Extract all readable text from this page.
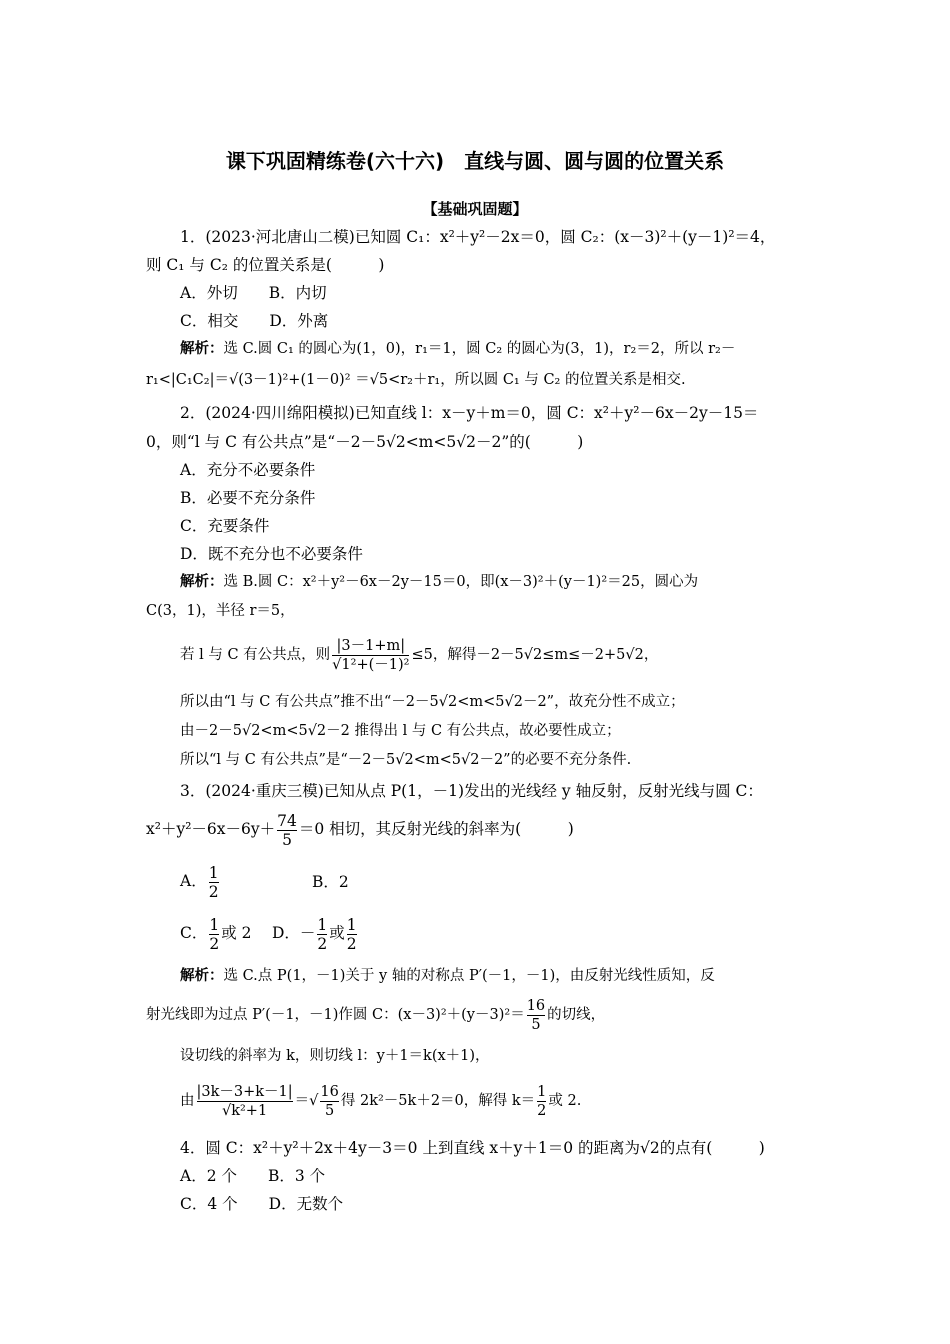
课下巩固精练卷(六十六)　直线与圆、圆与圆的位置关系
【基础巩固题】
1．(2023·河北唐山二模)已知圆 C₁：x²＋y²－2x＝0，圆 C₂：(x－3)²＋(y－1)²＝4，
则 C₁ 与 C₂ 的位置关系是(　　　)
A．外切　　B．内切
C．相交　　D．外离
解析：选 C.圆 C₁ 的圆心为(1，0)，r₁＝1，圆 C₂ 的圆心为(3，1)，r₂＝2，所以 r₂－
r₁<|C₁C₂|＝√(3－1)²+(1－0)² ＝√5<r₂＋r₁，所以圆 C₁ 与 C₂ 的位置关系是相交.
2．(2024·四川绵阳模拟)已知直线 l：x－y＋m＝0，圆 C：x²＋y²－6x－2y－15＝
0，则“l 与 C 有公共点”是“－2－5√2<m<5√2－2”的(　　　)
A．充分不必要条件
B．必要不充分条件
C．充要条件
D．既不充分也不必要条件
解析：选 B.圆 C：x²＋y²－6x－2y－15＝0，即(x－3)²＋(y－1)²＝25，圆心为
C(3，1)，半径 r＝5，
若 l 与 C 有公共点，则 $\frac{|3-1+m|}{\text{√1²+(－1)²}} \le 5$，解得－2－5√2≤m≤－2+5√2，
所以由“l 与 C 有公共点”推不出“－2－5√2<m<5√2－2”，故充分性不成立；
由－2－5√2<m<5√2－2 推得出 l 与 C 有公共点，故必要性成立；
所以“l 与 C 有公共点”是“－2－5√2<m<5√2－2”的必要不充分条件.
3．(2024·重庆三模)已知从点 P(1，－1)发出的光线经 y 轴反射，反射光线与圆 C：
$x^2+y^2-6x-6y+ \frac{74}{5} =0$ 相切，其反射光线的斜率为(　　　)
A． $\frac{1}{2}$	B．2
C． $\frac{1}{2}$ 或 2　 D．－ $\frac{1}{2}$ 或 $\frac{1}{2}$
解析：选 C.点 P(1，－1)关于 y 轴的对称点 P′(－1，－1)，由反射光线性质知，反
射光线即为过点 P′(－1，－1)作圆 C：$(x-3)^2+(y-3)^2= \frac{16}{5}$ 的切线，
设切线的斜率为 k，则切线 l：y＋1＝k(x＋1)，
由 $\frac{|3k-3+k-1|}{\text{√k²+1}}$ ＝√ $\frac{16}{5}$ 得 2k²－5k＋2＝0，解得 $k= \frac{1}{2}$ 或 2.
4．圆 C：x²＋y²＋2x＋4y－3＝0 上到直线 x＋y＋1＝0 的距离为√2的点有(　　　)
A．2 个　　B．3 个
C．4 个　　D．无数个
